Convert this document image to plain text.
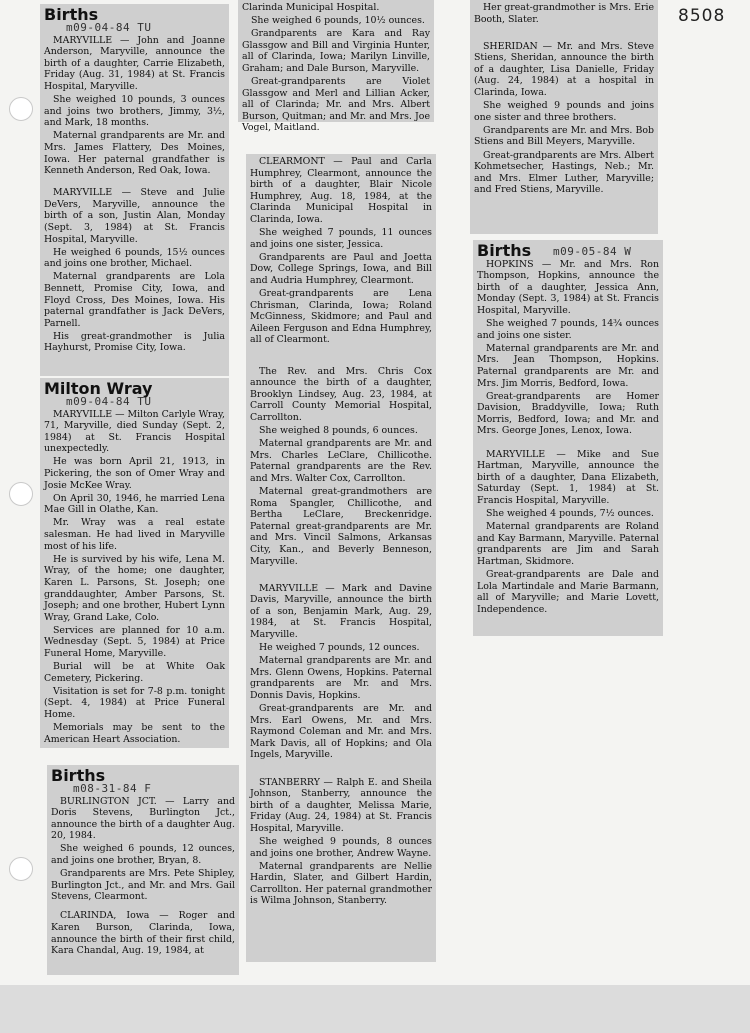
8508
Births
m09-04-84 TU

MARYVILLE — John and Joanne Anderson, Maryville, announce the birth of a daughter, Carrie Elizabeth, Friday (Aug. 31, 1984) at St. Francis Hospital, Maryville.

She weighed 10 pounds, 3 ounces and joins two brothers, Jimmy, 3½, and Mark, 18 months.

Maternal grandparents are Mr. and Mrs. James Flattery, Des Moines, Iowa. Her paternal grandfather is Kenneth Anderson, Red Oak, Iowa.

MARYVILLE — Steve and Julie DeVers, Maryville, announce the birth of a son, Justin Alan, Monday (Sept. 3, 1984) at St. Francis Hospital, Maryville.

He weighed 6 pounds, 15½ ounces and joins one brother, Michael.

Maternal grandparents are Lola Bennett, Promise City, Iowa, and Floyd Cross, Des Moines, Iowa. His paternal grandfather is Jack DeVers, Parnell.

His great-grandmother is Julia Hayhurst, Promise City, Iowa.

Milton Wray
m09-04-84 TU

MARYVILLE — Milton Carlyle Wray, 71, Maryville, died Sunday (Sept. 2, 1984) at St. Francis Hospital unexpectedly.

He was born April 21, 1913, in Pickering, the son of Omer Wray and Josie McKee Wray.

On April 30, 1946, he married Lena Mae Gill in Olathe, Kan.

Mr. Wray was a real estate salesman. He had lived in Maryville most of his life.

He is survived by his wife, Lena M. Wray, of the home; one daughter, Karen L. Parsons, St. Joseph; one granddaughter, Amber Parsons, St. Joseph; and one brother, Hubert Lynn Wray, Grand Lake, Colo.

Services are planned for 10 a.m. Wednesday (Sept. 5, 1984) at Price Funeral Home, Maryville.

Burial will be at White Oak Cemetery, Pickering.

Visitation is set for 7-8 p.m. tonight (Sept. 4, 1984) at Price Funeral Home.

Memorials may be sent to the American Heart Association.

Births
m08-31-84 F

BURLINGTON JCT. — Larry and Doris Stevens, Burlington Jct., announce the birth of a daughter Aug. 20, 1984.

She weighed 6 pounds, 12 ounces, and joins one brother, Bryan, 8.

Grandparents are Mrs. Pete Shipley, Burlington Jct., and Mr. and Mrs. Gail Stevens, Clearmont.

CLARINDA, Iowa — Roger and Karen Burson, Clarinda, Iowa, announce the birth of their first child, Kara Chandal, Aug. 19, 1984, at

Clarinda Municipal Hospital.

She weighed 6 pounds, 10½ ounces.

Grandparents are Kara and Ray Glassgow and Bill and Virginia Hunter, all of Clarinda, Iowa; Marilyn Linville, Graham; and Dale Burson, Maryville.

Great-grandparents are Violet Glassgow and Merl and Lillian Acker, all of Clarinda; Mr. and Mrs. Albert Burson, Quitman; and Mr. and Mrs. Joe Vogel, Maitland.

CLEARMONT — Paul and Carla Humphrey, Clearmont, announce the birth of a daughter, Blair Nicole Humphrey, Aug. 18, 1984, at the Clarinda Municipal Hospital in Clarinda, Iowa.

She weighed 7 pounds, 11 ounces and joins one sister, Jessica.

Grandparents are Paul and Joetta Dow, College Springs, Iowa, and Bill and Audria Humphrey, Clearmont.

Great-grandparents are Lena Chrisman, Clarinda, Iowa; Roland McGinness, Skidmore; and Paul and Aileen Ferguson and Edna Humphrey, all of Clearmont.

The Rev. and Mrs. Chris Cox announce the birth of a daughter, Brooklyn Lindsey, Aug. 23, 1984, at Carroll County Memorial Hospital, Carrollton.

She weighed 8 pounds, 6 ounces.

Maternal grandparents are Mr. and Mrs. Charles LeClare, Chillicothe. Paternal grandparents are the Rev. and Mrs. Walter Cox, Carrollton.

Maternal great-grandmothers are Roma Spangler, Chillicothe, and Bertha LeClare, Breckenridge. Paternal great-grandparents are Mr. and Mrs. Vincil Salmons, Arkansas City, Kan., and Beverly Benneson, Maryville.

MARYVILLE — Mark and Davine Davis, Maryville, announce the birth of a son, Benjamin Mark, Aug. 29, 1984, at St. Francis Hospital, Maryville.

He weighed 7 pounds, 12 ounces.

Maternal grandparents are Mr. and Mrs. Glenn Owens, Hopkins. Paternal grandparents are Mr. and Mrs. Donnis Davis, Hopkins.

Great-grandparents are Mr. and Mrs. Earl Owens, Mr. and Mrs. Raymond Coleman and Mr. and Mrs. Mark Davis, all of Hopkins; and Ola Ingels, Maryville.

STANBERRY — Ralph E. and Sheila Johnson, Stanberry, announce the birth of a daughter, Melissa Marie, Friday (Aug. 24, 1984) at St. Francis Hospital, Maryville.

She weighed 9 pounds, 8 ounces and joins one brother, Andrew Wayne.

Maternal grandparents are Nellie Hardin, Slater, and Gilbert Hardin, Carrollton. Her paternal grandmother is Wilma Johnson, Stanberry.

Her great-grandmother is Mrs. Erie Booth, Slater.

SHERIDAN — Mr. and Mrs. Steve Stiens, Sheridan, announce the birth of a daughter, Lisa Danielle, Friday (Aug. 24, 1984) at a hospital in Clarinda, Iowa.

She weighed 9 pounds and joins one sister and three brothers.

Grandparents are Mr. and Mrs. Bob Stiens and Bill Meyers, Maryville.

Great-grandparents are Mrs. Albert Kohmetsecher, Hastings, Neb.; Mr. and Mrs. Elmer Luther, Maryville; and Fred Stiens, Maryville.

Births	m09-05-84 W

HOPKINS — Mr. and Mrs. Ron Thompson, Hopkins, announce the birth of a daughter, Jessica Ann, Monday (Sept. 3, 1984) at St. Francis Hospital, Maryville.

She weighed 7 pounds, 14¾ ounces and joins one sister.

Maternal grandparents are Mr. and Mrs. Jean Thompson, Hopkins. Paternal grandparents are Mr. and Mrs. Jim Morris, Bedford, Iowa.

Great-grandparents are Homer Davision, Braddyville, Iowa; Ruth Morris, Bedford, Iowa; and Mr. and Mrs. George Jones, Lenox, Iowa.

MARYVILLE — Mike and Sue Hartman, Maryville, announce the birth of a daughter, Dana Elizabeth, Saturday (Sept. 1, 1984) at St. Francis Hospital, Maryville.

She weighed 4 pounds, 7½ ounces.

Maternal grandparents are Roland and Kay Barmann, Maryville. Paternal grandparents are Jim and Sarah Hartman, Skidmore.

Great-grandparents are Dale and Lola Martindale and Marie Barmann, all of Maryville; and Marie Lovett, Independence.
